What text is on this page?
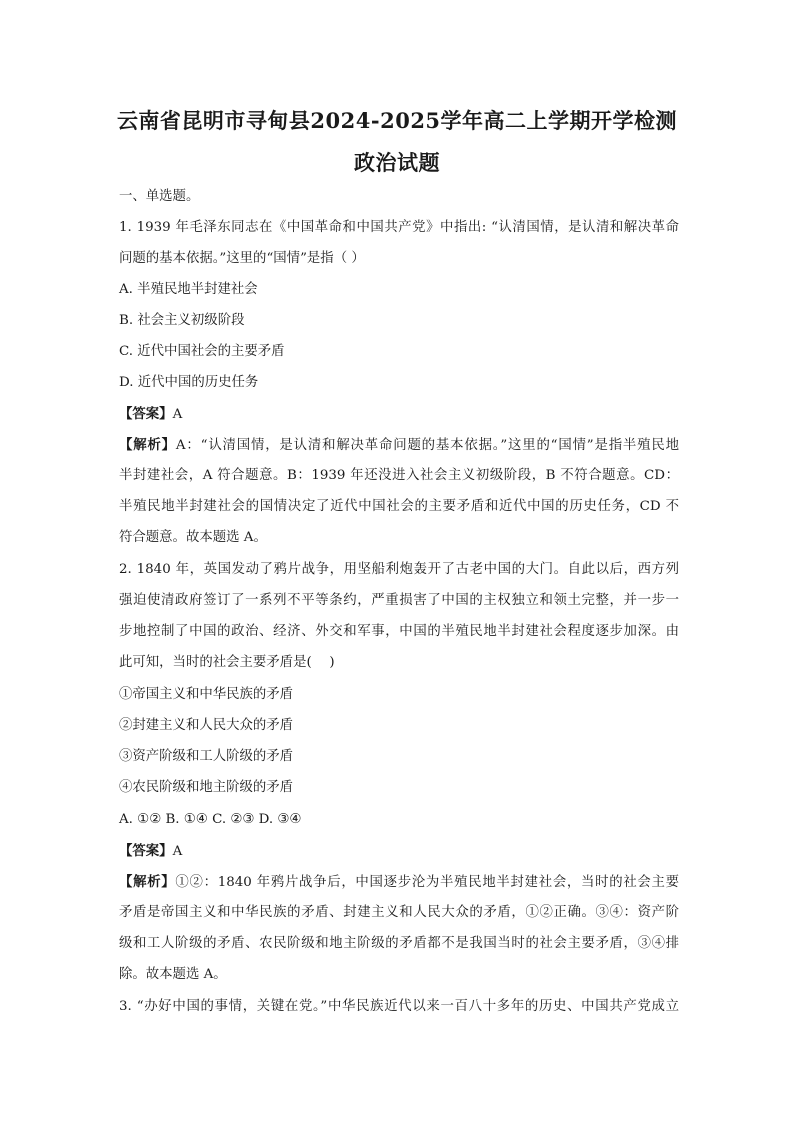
云南省昆明市寻甸县2024-2025学年高二上学期开学检测
政治试题
一、单选题。
1. 1939 年毛泽东同志在《中国革命和中国共产党》中指出: “认清国情，是认清和解决革命
问题的基本依据。”这里的“国情”是指（ ）
A. 半殖民地半封建社会
B. 社会主义初级阶段
C. 近代中国社会的主要矛盾
D. 近代中国的历史任务
【答案】A
【解析】A：“认清国情，是认清和解决革命问题的基本依据。”这里的“国情”是指半殖民地
半封建社会，A 符合题意。B：1939 年还没进入社会主义初级阶段，B 不符合题意。CD：
半殖民地半封建社会的国情决定了近代中国社会的主要矛盾和近代中国的历史任务，CD 不
符合题意。故本题选 A。
2. 1840 年，英国发动了鸦片战争，用坚船利炮轰开了古老中国的大门。自此以后，西方列
强迫使清政府签订了一系列不平等条约，严重损害了中国的主权独立和领土完整，并一步一
步地控制了中国的政治、经济、外交和军事，中国的半殖民地半封建社会程度逐步加深。由
此可知，当时的社会主要矛盾是(　 )
①帝国主义和中华民族的矛盾
②封建主义和人民大众的矛盾
③资产阶级和工人阶级的矛盾
④农民阶级和地主阶级的矛盾
A. ①② B. ①④ C. ②③ D. ③④
【答案】A
【解析】①②：1840 年鸦片战争后，中国逐步沦为半殖民地半封建社会，当时的社会主要
矛盾是帝国主义和中华民族的矛盾、封建主义和人民大众的矛盾，①②正确。③④：资产阶
级和工人阶级的矛盾、农民阶级和地主阶级的矛盾都不是我国当时的社会主要矛盾，③④排
除。故本题选 A。
3. “办好中国的事情，关键在党。”中华民族近代以来一百八十多年的历史、中国共产党成立
